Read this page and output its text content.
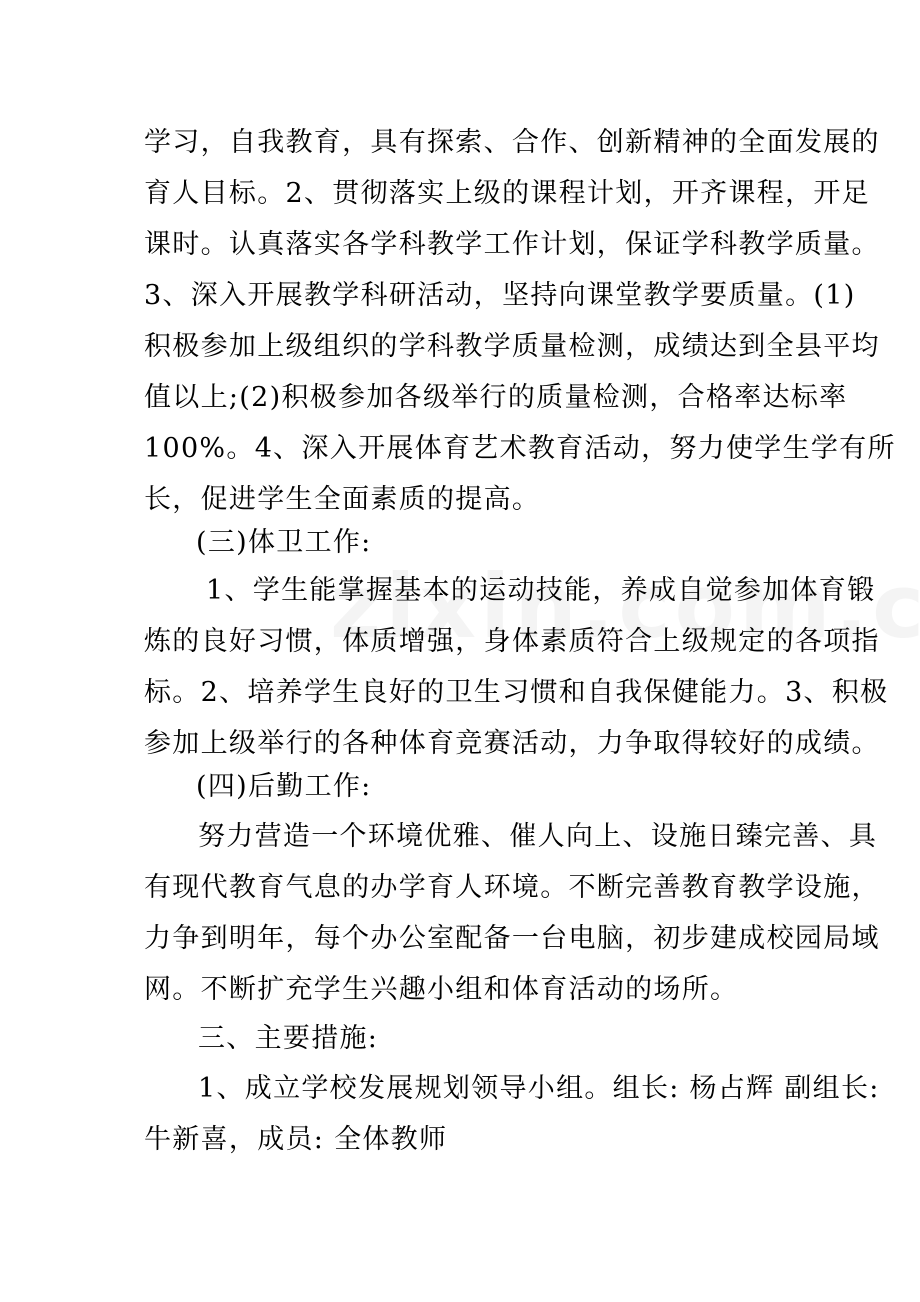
学习，自我教育，具有探索、合作、创新精神的全面发展的
育人目标。2、贯彻落实上级的课程计划，开齐课程，开足
课时。认真落实各学科教学工作计划，保证学科教学质量。
3、深入开展教学科研活动，坚持向课堂教学要质量。(1)
积极参加上级组织的学科教学质量检测，成绩达到全县平均
值以上;(2)积极参加各级举行的质量检测，合格率达标率
100%。4、深入开展体育艺术教育活动，努力使学生学有所
长，促进学生全面素质的提高。
(三)体卫工作:
1、学生能掌握基本的运动技能，养成自觉参加体育锻
炼的良好习惯，体质增强，身体素质符合上级规定的各项指
标。2、培养学生良好的卫生习惯和自我保健能力。3、积极
参加上级举行的各种体育竞赛活动，力争取得较好的成绩。
(四)后勤工作:
努力营造一个环境优雅、催人向上、设施日臻完善、具
有现代教育气息的办学育人环境。不断完善教育教学设施，
力争到明年，每个办公室配备一台电脑，初步建成校园局域
网。不断扩充学生兴趣小组和体育活动的场所。
三、主要措施:
1、成立学校发展规划领导小组。组长: 杨占辉 副组长:
牛新喜，成员: 全体教师
